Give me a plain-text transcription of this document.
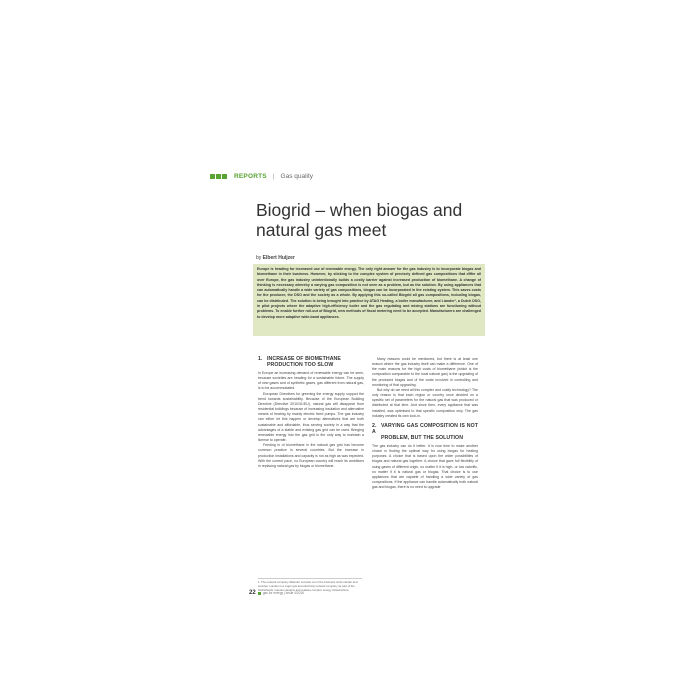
REPORTS | Gas quality
Biogrid – when biogas and natural gas meet
by Elbert Huijzer
Europe is heading for increased use of renewable energy. The only right answer for the gas industry is to incorporate biogas and biomethane in their business. However, by sticking to the complex system of precisely defined gas compositions that differ all over Europe, the gas industry unintentionally builds a costly barrier against increased production of biomethane. A change of thinking is necessary whereby a varying gas composition is not seen as a problem, but as the solution. By using appliances that can automatically handle a wide variety of gas compositions, biogas can be incorporated in the existing system. This saves costs for the producer, the DSO and the society as a whole. By applying this so-called Biogrid all gas compositions, including biogas, can be distributed. The solution is being brought into practice by ATAG Heating, a boiler manufacturer, and Liander¹, a Dutch DSO, in pilot projects where the adaptive high-efficiency boiler and the gas regulating and mixing stations are functioning without problems. To enable further roll-out of Biogrid, new methods of fiscal metering need to be accepted. Manufacturers are challenged to develop more adaptive wide-band appliances.
1. INCREASE OF BIOMETHANE
PRODUCTION TOO SLOW

In Europe an increasing demand of renewable energy can be seen, because societies are heading for a sustainable future. The supply of new gases and of synthetic gases, gas different from natural gas, is to be accommodated.

European Directives for greening the energy supply support the trend towards sustainability. Because of the European Building Directive (Directive 2010/31/EU), natural gas will disappear from residential buildings because of increasing insulation and alternative means of heating by mainly electric fixed pumps. The gas industry can either let this happen or develop alternatives that are both sustainable and affordable, thus serving society in a way that the advantages of a stable and existing gas grid can be used. Bringing renewable energy into the gas grid is the only way to maintain a license to operate.

Feeding in of biomethane in the natural gas grid has become common practice in several countries. But the increase in production installations and capacity is not as high as was expected. With the current pace, no European country will reach its ambitions in replacing natural gas by biogas or biomethane.

Many reasons could be mentioned, but there is at least one reason where the gas industry itself can make a difference. One of the main reasons for the high costs of biomethane (which is the composition comparable to the local natural gas) is the upgrading of the produced biogas and of the costs involved in controlling and monitoring of that upgrading.

But why do we need all this complex and costly technology? The only reason is that each region or country once decided on a specific set of parameters for the natural gas that was produced or distributed at that time. And since then, every appliance that was installed, was optimised to that specific composition only. The gas industry created its own lock-in.

2. VARYING GAS COMPOSITION IS NOT A
PROBLEM, BUT THE SOLUTION

The gas industry can do it better. It is now time to make another choice in finding the optimal way for using biogas for heating purposes. A choice that is based upon the wider possibilities of biogas and natural gas together. A choice that gave full flexibility of using gases of different origin, no matter if it is high- or low calorific, no matter if it is natural gas or biogas. That choice is to use appliances that are capable of handling a wide variety of gas compositions. If the appliance can handle automatically both natural gas and biogas, there is no need to upgrade

1. The network company Alliander consists out of the business units Liander and Liandon. Liander is a major gas and electricity network company as part of the Netherlands; Liandon designs and realises complex energy infrastructure.
22 gas for energy | Issue 4/2016
